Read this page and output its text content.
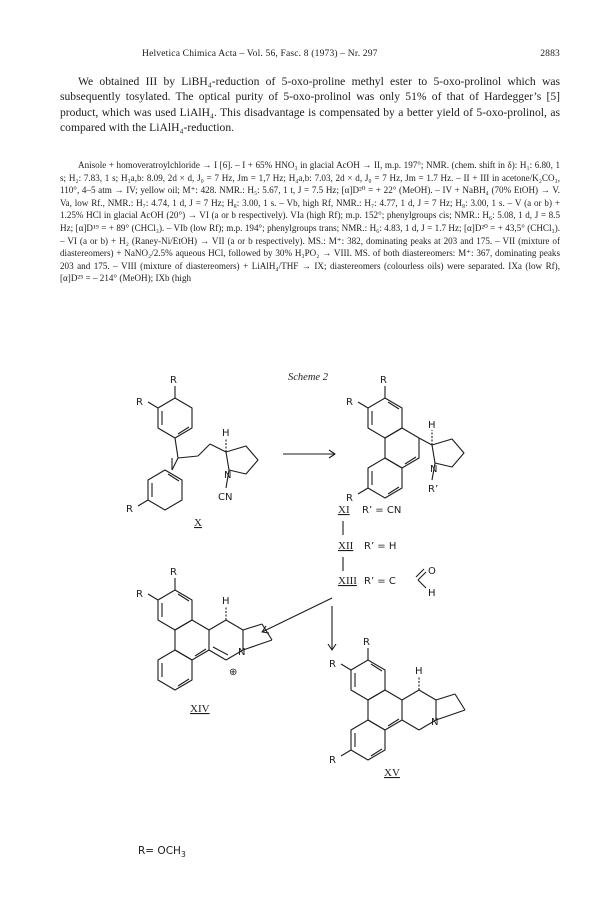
Helvetica Chimica Acta – Vol. 56, Fasc. 8 (1973) – Nr. 297	2883

We obtained III by LiBH₄-reduction of 5-oxo-proline methyl ester to 5-oxo-prolinol which was subsequently tosylated. The optical purity of 5-oxo-prolinol was only 51% of that of Hardegger’s [5] product, which was used LiAlH₄. This disadvantage is compensated by a better yield of 5-oxo-prolinol, as compared with the LiAlH₄-reduction.

Anisole + homoveratroylchloride → I [6]. – I + 65% HNO₃ in glacial AcOH → II, m.p. 197°; NMR. (chem. shift in δ): H₁: 6.80, 1 s; H₂: 7.83, 1 s; H₃a,b: 8.09, 2d × d, J₀ = 7 Hz, Jm = 1,7 Hz; H₄a,b: 7.03, 2d × d, J₀ = 7 Hz, Jm = 1.7 Hz. – II + III in acetone/K₂CO₃, 110°, 4–5 atm → IV; yellow oil; M⁺: 428. NMR.: H₅: 5.67, 1 t, J = 7.5 Hz; [α]D²⁰ = + 22° (MeOH). – IV + NaBH₄ (70% EtOH) → V. Va, low Rf., NMR.: H₇: 4.74, 1 d, J = 7 Hz; H₈: 3.00, 1 s. – Vb, high Rf, NMR.: H₇: 4.77, 1 d, J = 7 Hz; H₈: 3.00, 1 s. – V (a or b) + 1.25% HCl in glacial AcOH (20°) → VI (a or b respectively). VIa (high Rf); m.p. 152°; phenylgroups cis; NMR.: H₆: 5.08, 1 d, J = 8.5 Hz; [α]D¹⁹ = + 89° (CHCl₃). – VIb (low Rf); m.p. 194°; phenylgroups trans; NMR.: H₆: 4.83, 1 d, J = 1.7 Hz; [α]D²⁰ = + 43,5° (CHCl₃). – VI (a or b) + H₂ (Raney-Ni/EtOH) → VII (a or b respectively). MS.: M⁺: 382, dominating peaks at 203 and 175. – VII (mixture of diastereomers) + NaNO₂/2.5% aqueous HCl, followed by 30% H₃PO₂ → VIII. MS. of both diastereomers: M⁺: 367, dominating peaks 203 and 175. – VIII (mixture of diastereomers) + LiAlH₄/THF → IX; diastereomers (colourless oils) were separated. IXa (low Rf), [α]D²⁵ = – 214° (MeOH); IXb (high

Scheme 2
R
R
R
H
N
CN
X
R
R
R
H
N
R’
XI R’ = CN
XII R’ = H
XIII R’ = C
O
H
R
R
H
N
⊕
XIV
R
R
R
H
N
XV
$R= OCH_3$
